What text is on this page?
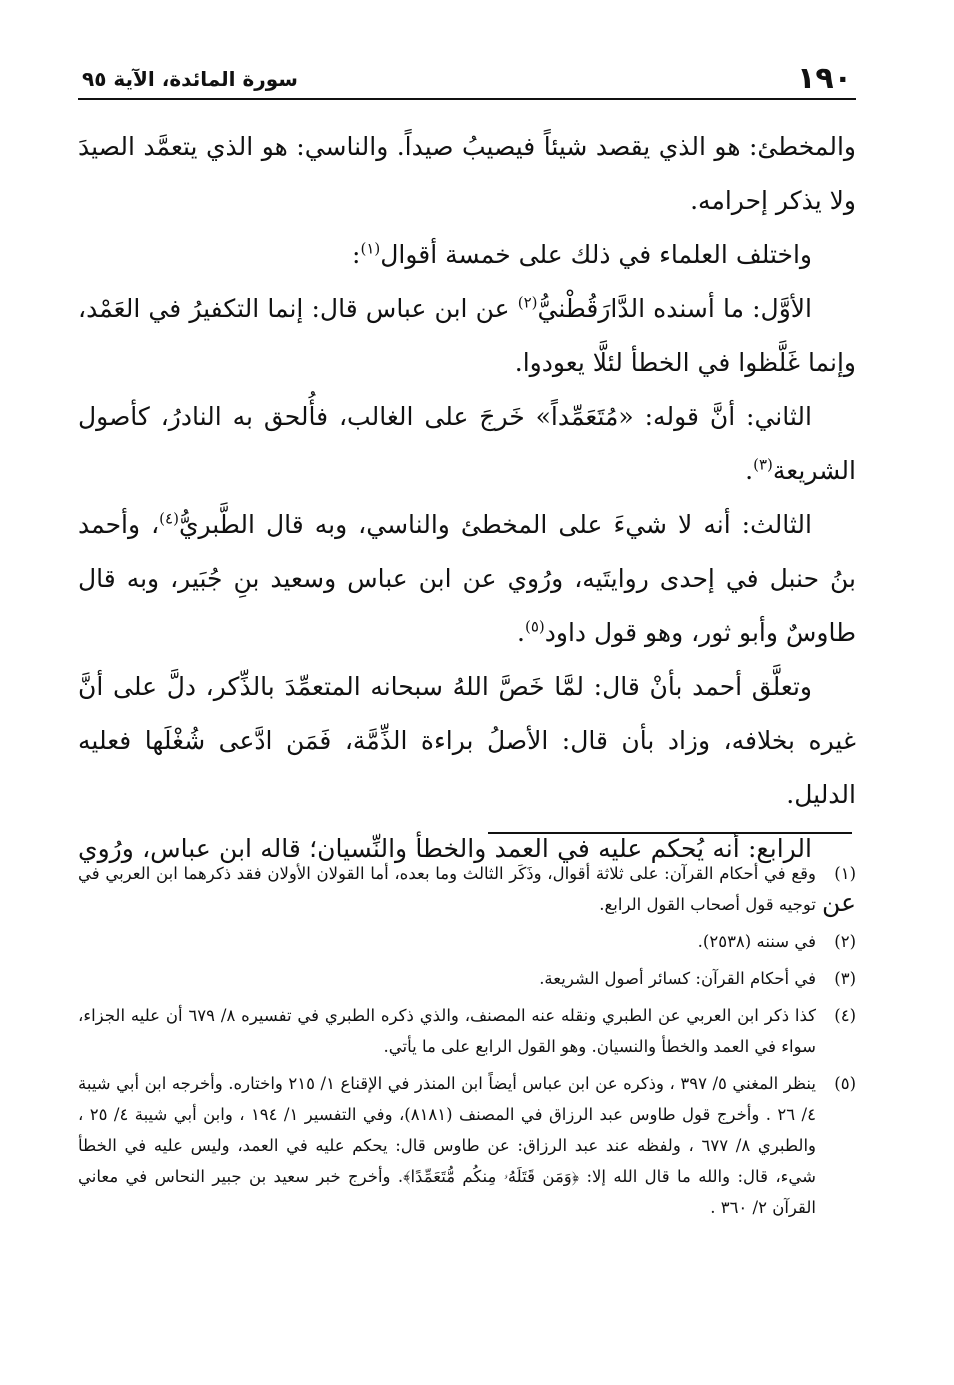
١٩٠
سورة المائدة، الآية ٩٥

والمخطئ: هو الذي يقصد شيئاً فيصيبُ صيداً. والناسي: هو الذي يتعمَّد الصيدَ ولا يذكر إحرامه.

واختلف العلماء في ذلك على خمسة أقوال$^{(١)}$:

الأوَّل: ما أسنده الدَّارَقُطْنيُّ$^{(٢)}$ عن ابن عباس قال: إنما التكفيرُ في العَمْد، وإنما غَلَّظوا في الخطأ لئلَّا يعودوا.

الثاني: أنَّ قوله: «مُتَعَمِّداً» خَرجَ على الغالب، فأُلحق به النادرُ، كأصول الشريعة$^{(٣)}$.

الثالث: أنه لا شيءَ على المخطئ والناسي، وبه قال الطَّبريُّ$^{(٤)}$، وأحمد بنُ حنبل في إحدى روايتَيه، ورُوي عن ابن عباس وسعيد بنِ جُبَير، وبه قال طاوسٌ وأبو ثور، وهو قول داود$^{(٥)}$.

وتعلَّق أحمد بأنْ قال: لمَّا خَصَّ اللهُ سبحانه المتعمِّدَ بالذِّكر، دلَّ على أنَّ غيره بخلافه، وزاد بأن قال: الأصلُ براءة الذِّمَّة، فَمَن ادَّعى شُغْلَها فعليه الدليل.

الرابع: أنه يُحكم عليه في العمد والخطأ والنِّسيان؛ قاله ابن عباس، ورُوي عن

(١)وقع في أحكام القرآن: على ثلاثة أقوال، وذَكَر الثالث وما بعده، أما القولان الأولان فقد ذكرهما ابن العربي في توجيه قول أصحاب القول الرابع.

(٢)في سننه (٢٥٣٨).

(٣)في أحكام القرآن: كسائر أصول الشريعة.

(٤)كذا ذكر ابن العربي عن الطبري ونقله عنه المصنف، والذي ذكره الطبري في تفسيره ٨/ ٦٧٩ أن عليه الجزاء، سواء في العمد والخطأ والنسيان. وهو القول الرابع على ما يأتي.

(٥)ينظر المغني ٥/ ٣٩٧ ، وذكره عن ابن عباس أيضاً ابن المنذر في الإقناع ١/ ٢١٥ واختاره. وأخرجه ابن أبي شيبة ٤/ ٢٦ . وأخرج قول طاوس عبد الرزاق في المصنف (٨١٨١)، وفي التفسير ١/ ١٩٤ ، وابن أبي شيبة ٤/ ٢٥ ، والطبري ٨/ ٦٧٧ ، ولفظه عند عبد الرزاق: عن طاوس قال: يحكم عليه في العمد، وليس عليه في الخطأ شيء، قال: والله ما قال الله إلا: ﴿وَمَن قَتَلَهُۥ مِنكُم مُّتَعَمِّدًا﴾. وأخرج خبر سعيد بن جبير النحاس في معاني القرآن ٢/ ٣٦٠ .
